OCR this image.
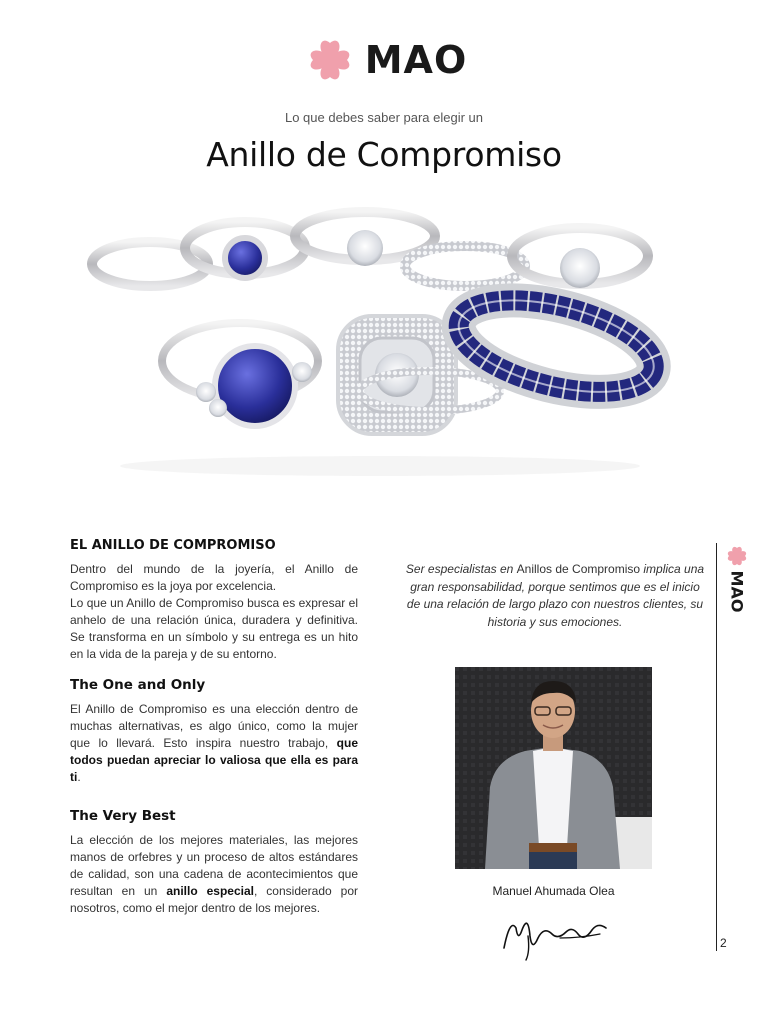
MAO
Lo que debes saber para elegir un
Anillo de Compromiso
EL ANILLO DE COMPROMISO

Dentro del mundo de la joyería, el Anillo de Compromiso es la joya por excelencia.

Lo que un Anillo de Compromiso busca es expresar el anhelo de una relación única, duradera y definitiva. Se transforma en un símbolo y su entrega es un hito en la vida de la pareja y de su entorno.

The One and Only

El Anillo de Compromiso es una elección dentro de muchas alternativas, es algo único, como la mujer que lo llevará. Esto inspira nuestro trabajo, que todos puedan apreciar lo valiosa que ella es para ti.

The Very Best

La elección de los mejores materiales, las mejores manos de orfebres y un proceso de altos estándares de calidad, son una cadena de acontecimientos que resultan en un anillo especial, considerado por nosotros, como el mejor dentro de los mejores.

Ser especialistas en Anillos de Compromiso implica una gran responsabilidad, porque sentimos que es el inicio de una relación de largo plazo con nuestros clientes, su historia y sus emociones.

Manuel Ahumada Olea
MAO
2
